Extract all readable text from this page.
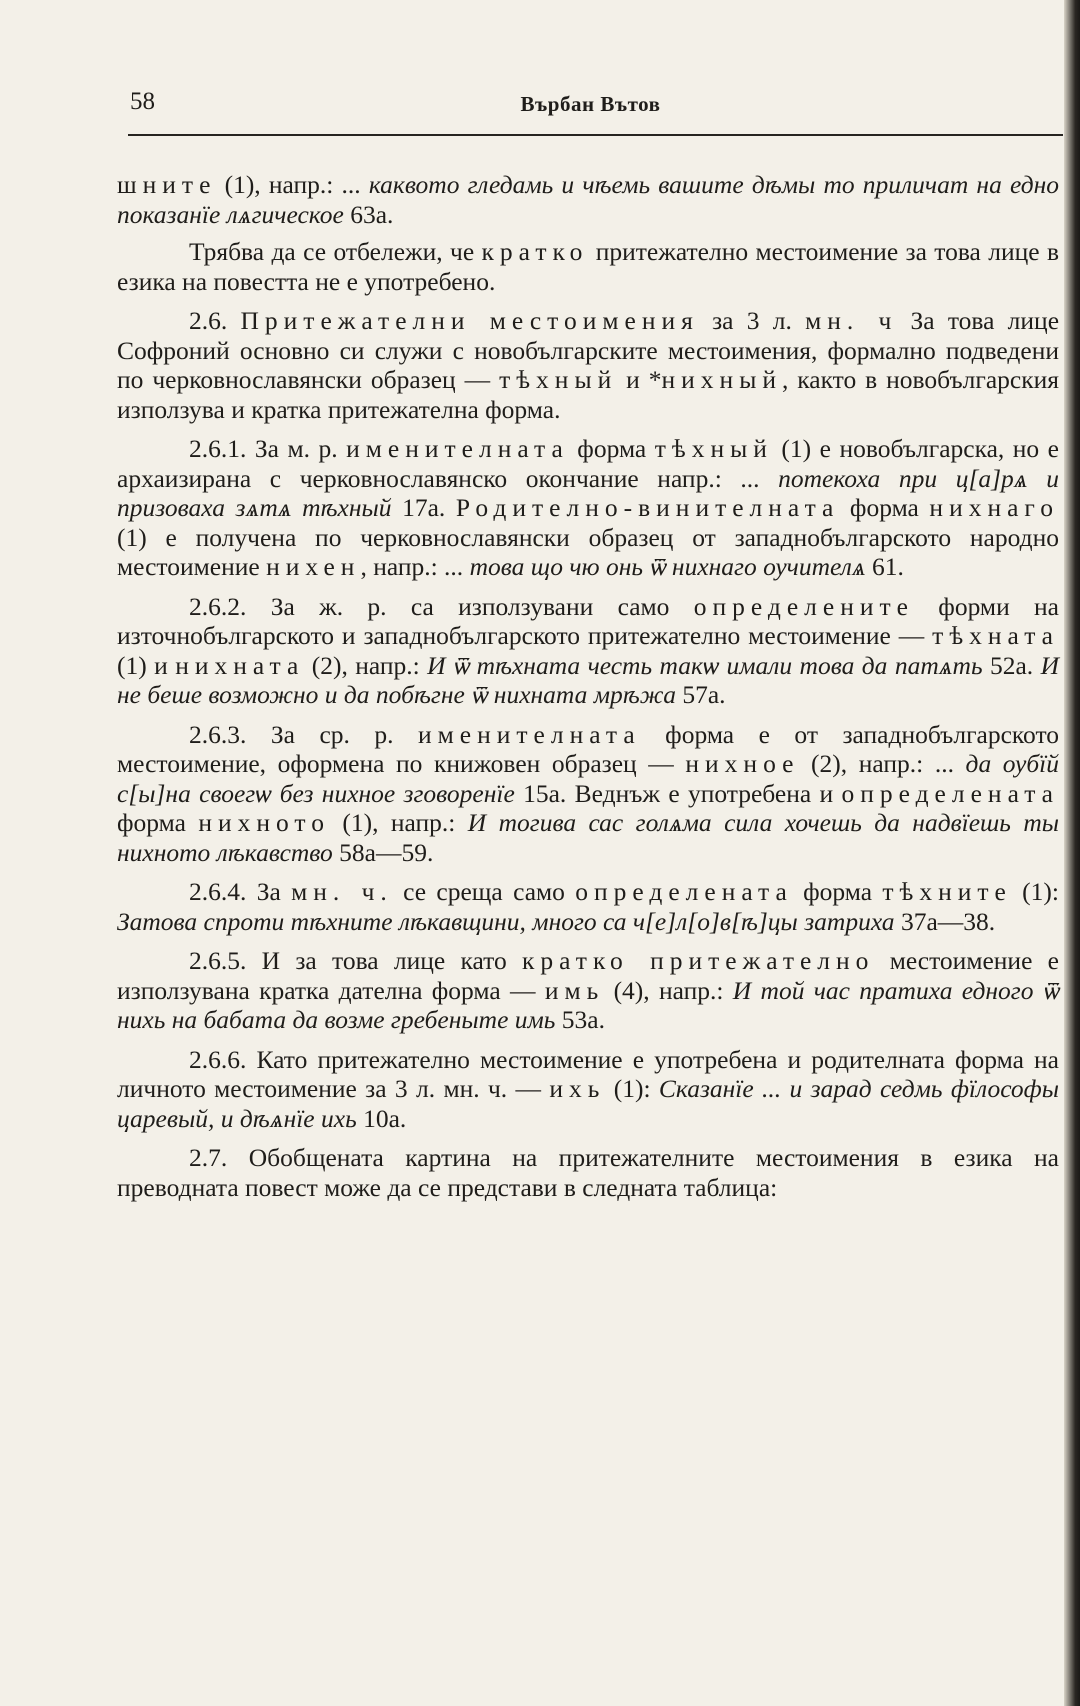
58	Върбан Вътов

шните (1), напр.: ... каквото гледамь и чѣемь вашите дѣмы то приличат на едно показанїе лѧгическое 63а.

Трябва да се отбележи, че кратко притежателно местоимение за това лице в езика на повестта не е употребено.

2.6. Притежателни местоимения за 3 л. мн. ч За това лице Софроний основно си служи с новобългарските местоимения, формално подведени по черковнославянски образец — тѣхный и *нихный, както в новобългарския използува и кратка притежателна форма.

2.6.1. За м. р. именителната форма тѣхный (1) е новобългарска, но е архаизирана с черковнославянско окончание напр.: ... потекоха при ц[а]рѧ и призоваха зѧтѧ тѣхный 17а. Родително-винителната форма нихнаго (1) е получена по черковнославянски образец от западнобългарското народно местоимение нихен, напр.: ... това що чю онь ѿ нихнаго оучителѧ 61.

2.6.2. За ж. р. са използувани само определените форми на източнобългарското и западнобългарското притежателно местоимение — тѣхната (1) и нихната (2), напр.: И ѿ тѣхната честь такѡ имали това да патѧть 52а. И не беше возможно и да побѣгне ѿ нихната мрѣжа 57а.

2.6.3. За ср. р. именителната форма е от западнобългарското местоимение, оформена по книжовен образец — нихное (2), напр.: ... да оубїй с[ы]на своегѡ без нихное зговоренїе 15а. Веднъж е употребена и определената форма нихното (1), напр.: И тогива сас голѧма сила хочешь да надвїешь ты нихното лѣкавство 58а—59.

2.6.4. За мн. ч. се среща само определената форма тѣхните (1): Затова спроти тѣхните лѣкавщини, много са ч[е]л[о]в[ѣ]цы затриха 37а—38.

2.6.5. И за това лице като кратко притежателно местоимение е използувана кратка дателна форма — имь (4), напр.: И той час пратиха едного ѿ нихь на бабата да возме гребеныте имь 53а.

2.6.6. Като притежателно местоимение е употребена и родителната форма на личното местоимение за 3 л. мн. ч. — ихь (1): Сказанїе ... и зарад седмь фїлософы царевый, и дѣѧнїе ихь 10а.

2.7. Обобщената картина на притежателните местоимения в езика на преводната повест може да се представи в следната таблица:
